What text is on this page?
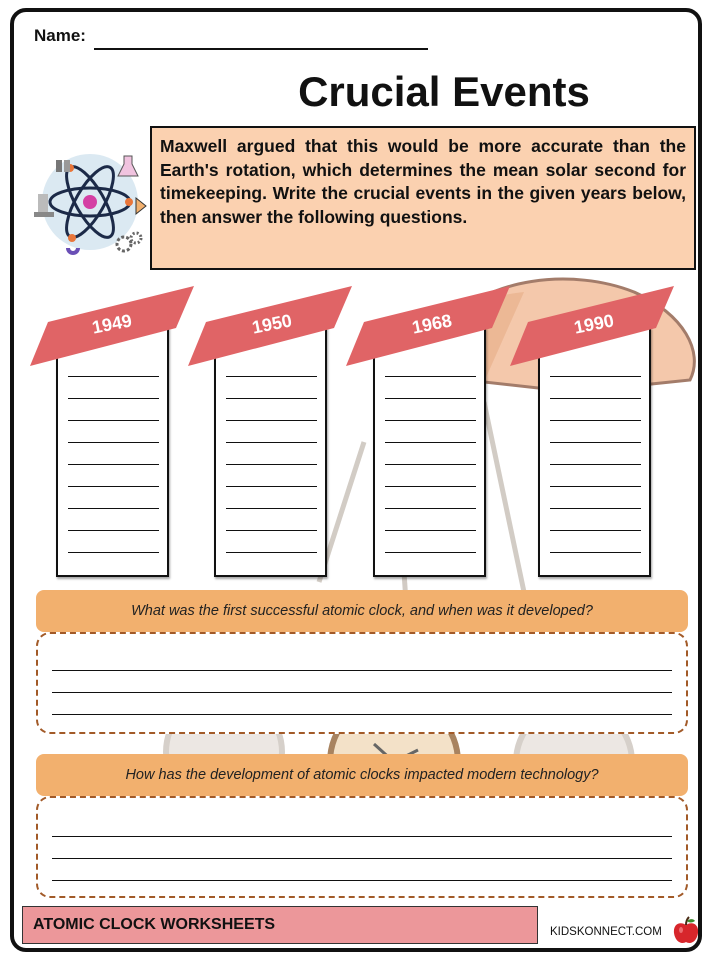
Name:
Crucial Events
Maxwell argued that this would be more accurate than the Earth's rotation, which determines the mean solar second for timekeeping. Write the crucial events in the given years below, then answer the following questions.
1949	1950	1968	1990
What was the first successful atomic clock, and when was it developed?
How has the development of atomic clocks impacted modern technology?
ATOMIC CLOCK WORKSHEETS	KIDSKONNECT.COM
